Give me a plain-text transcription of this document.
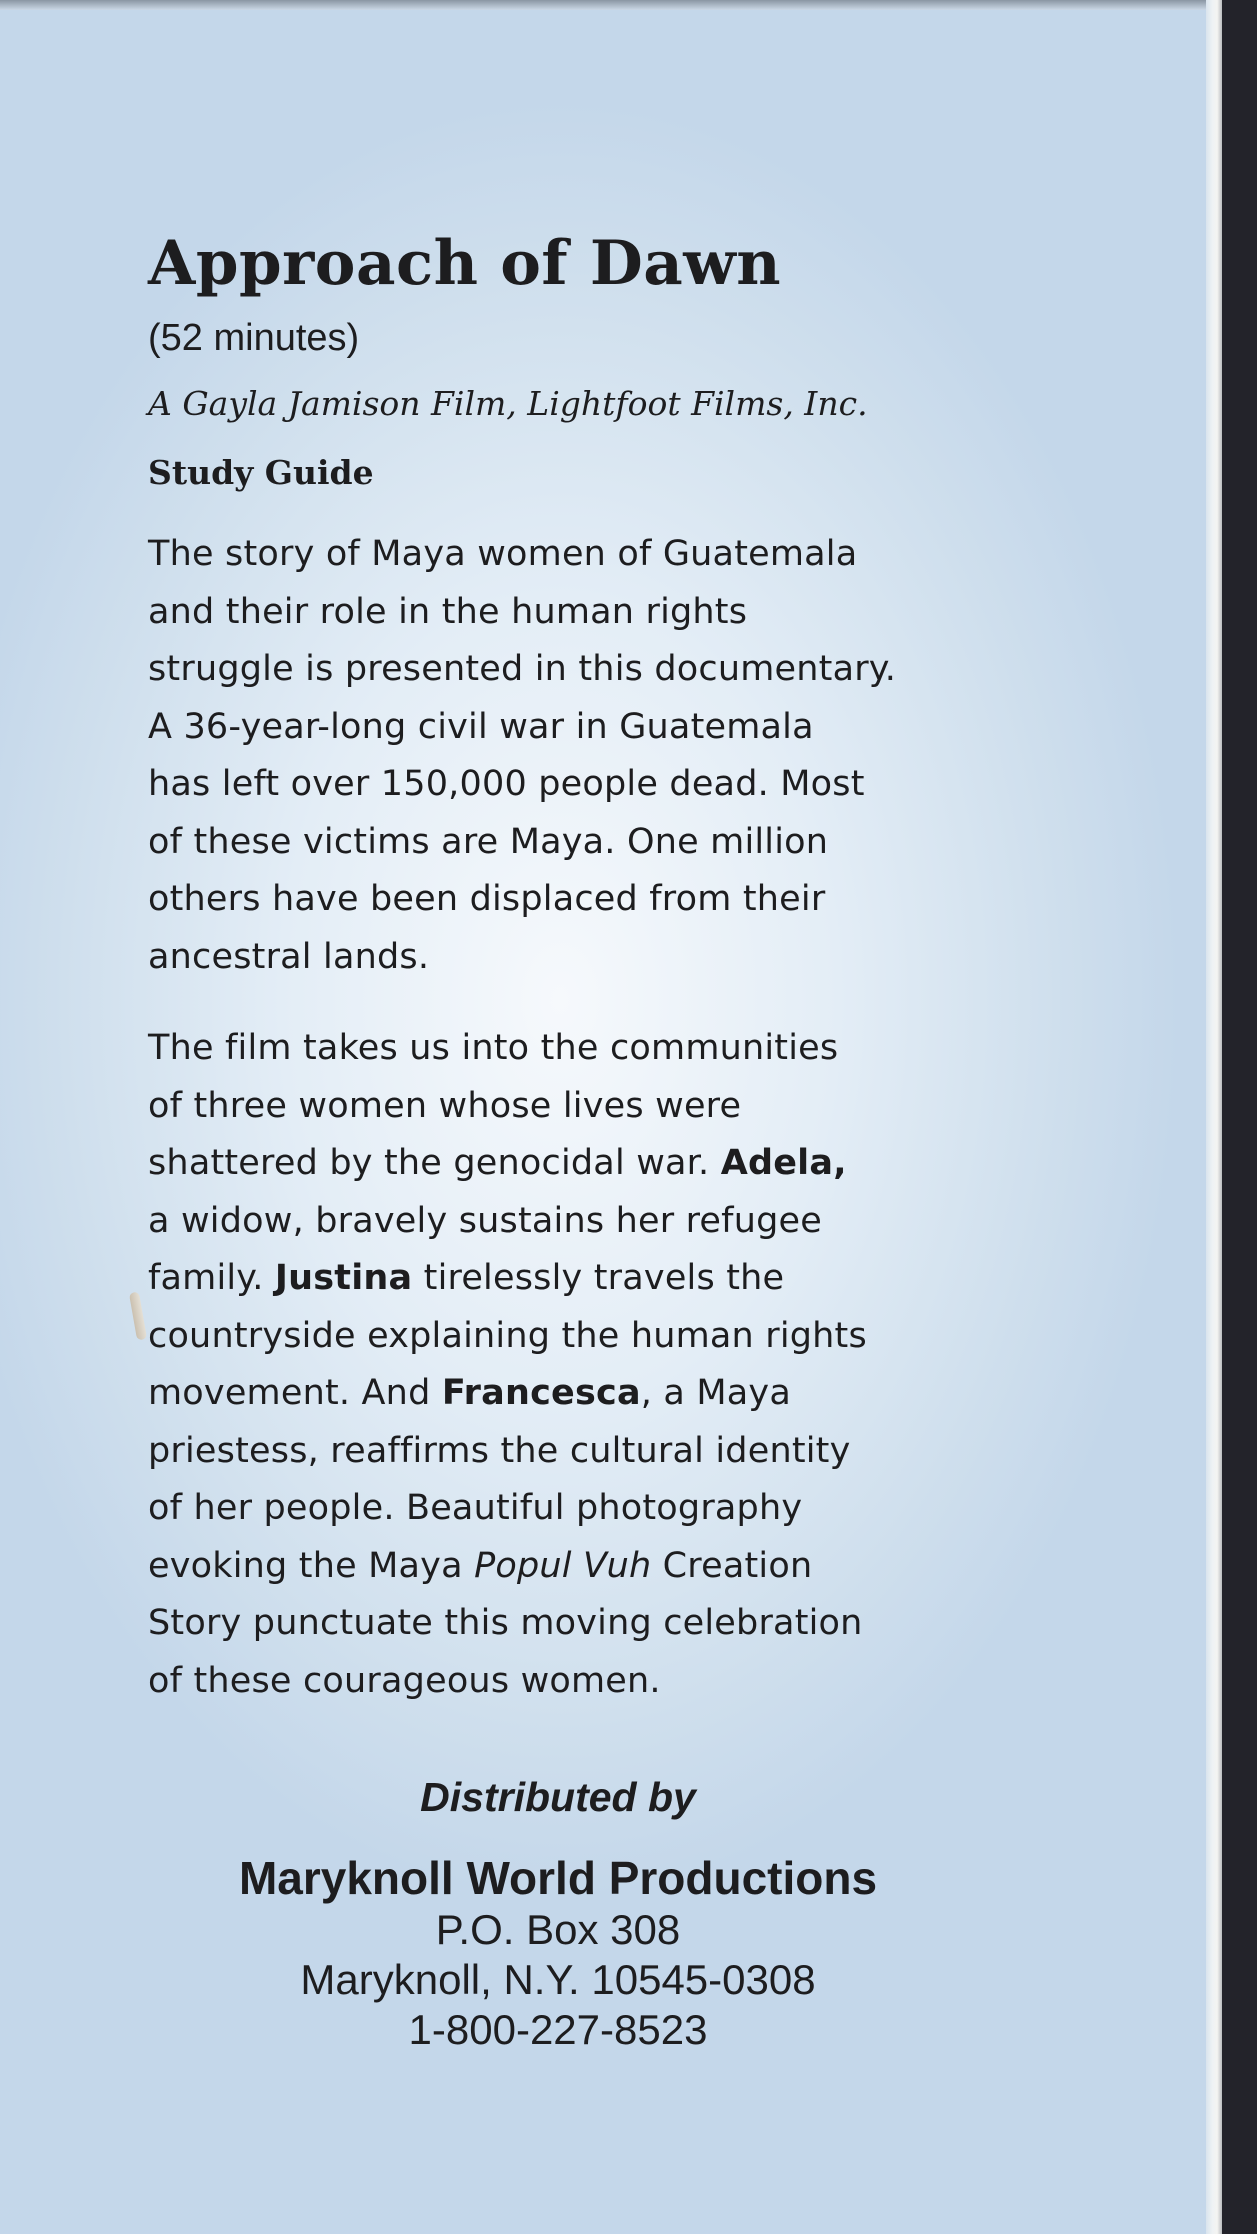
Approach of Dawn
(52 minutes)
A Gayla Jamison Film, Lightfoot Films, Inc.
Study Guide

The story of Maya women of Guatemala
and their role in the human rights
struggle is presented in this documentary.
A 36-year-long civil war in Guatemala
has left over 150,000 people dead. Most
of these victims are Maya. One million
others have been displaced from their
ancestral lands.

The film takes us into the communities
of three women whose lives were
shattered by the genocidal war. Adela,
a widow, bravely sustains her refugee
family. Justina tirelessly travels the
countryside explaining the human rights
movement. And Francesca, a Maya
priestess, reaffirms the cultural identity
of her people. Beautiful photography
evoking the Maya Popul Vuh Creation
Story punctuate this moving celebration
of these courageous women.

Distributed by
Maryknoll World Productions
P.O. Box 308
Maryknoll, N.Y. 10545-0308
1-800-227-8523
